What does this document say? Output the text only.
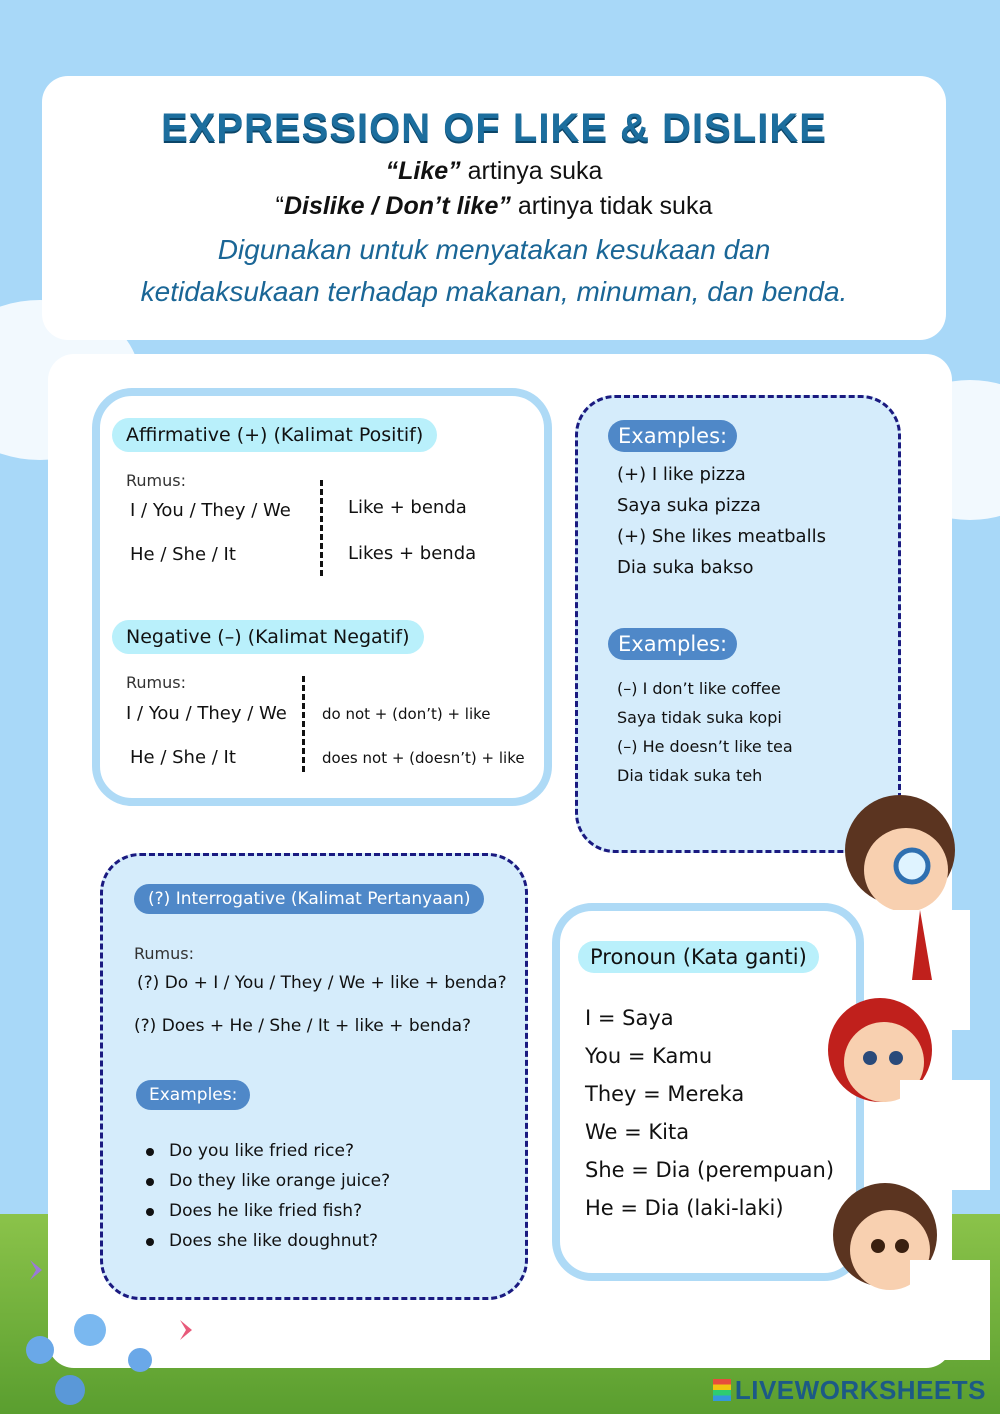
EXPRESSION OF LIKE & DISLIKE
“Like” artinya suka
“Dislike / Don’t like” artinya tidak suka
Digunakan untuk menyatakan kesukaan dan
ketidaksukaan terhadap makanan, minuman, dan benda.
Affirmative (+) (Kalimat Positif)
Rumus:
I / You / They / We
He / She / It
Like + benda
Likes + benda
Negative (–) (Kalimat Negatif)
Rumus:
I / You / They / We
He / She / It
do not + (don’t) + like
does not + (doesn’t) + like
Examples:
(+) I like pizza
Saya suka pizza
(+) She likes meatballs
Dia suka bakso
Examples:
(–) I don’t like coffee
Saya tidak suka kopi
(–) He doesn’t like tea
Dia tidak suka teh
(?) Interrogative (Kalimat Pertanyaan)
Rumus:
(?) Do + I / You / They / We + like + benda?
(?) Does + He / She / It + like + benda?
Examples:
Do you like fried rice?
Do they like orange juice?
Does he like fried fish?
Does she like doughnut?
Pronoun (Kata ganti)
I = Saya
You = Kamu
They = Mereka
We = Kita
She = Dia (perempuan)
He = Dia (laki-laki)
LIVEWORKSHEETS
